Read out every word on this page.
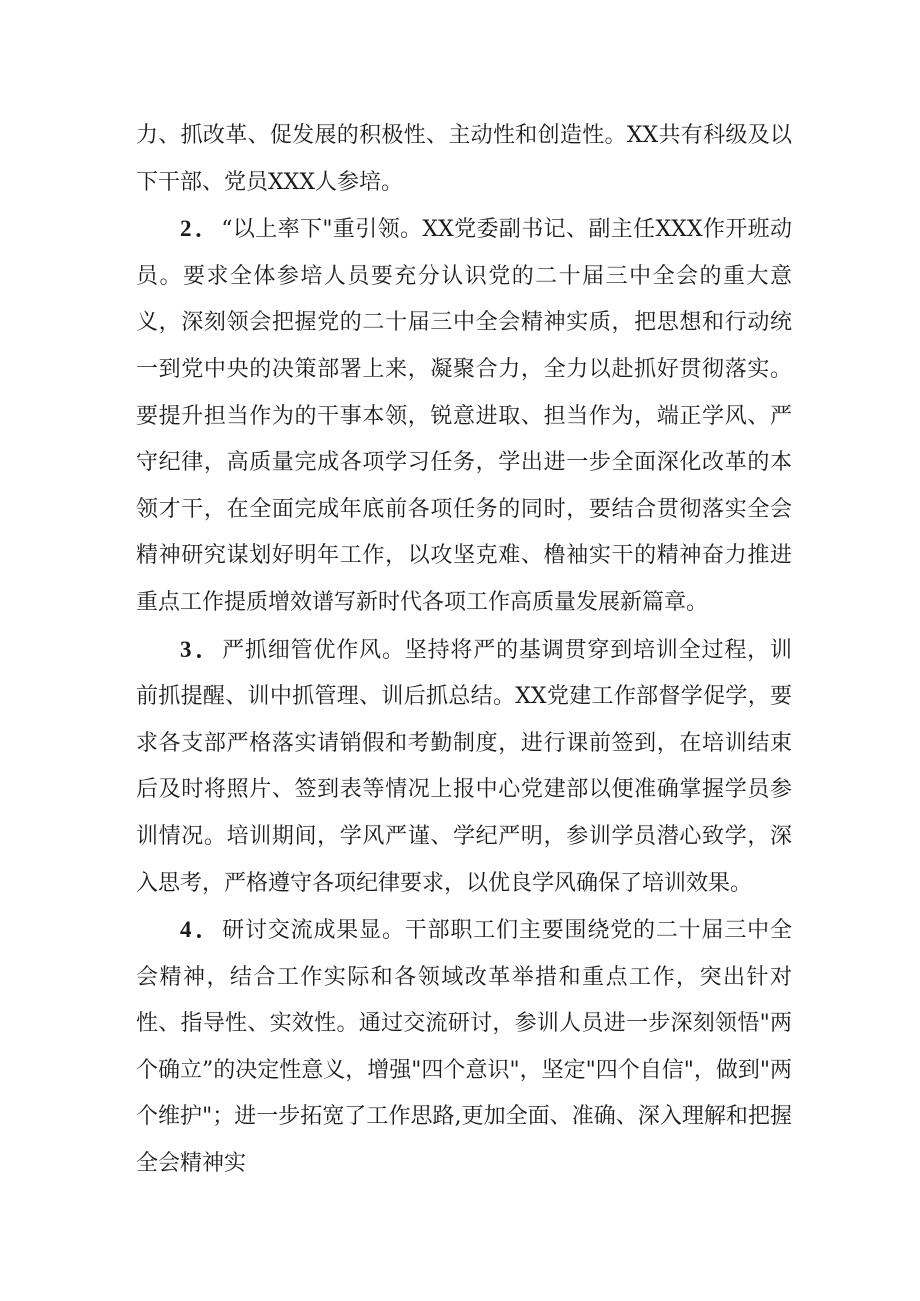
力、抓改革、促发展的积极性、主动性和创造性。XX共有科级及以下干部、党员XXX人参培。

2．“以上率下"重引领。XX党委副书记、副主任XXX作开班动员。要求全体参培人员要充分认识党的二十届三中全会的重大意义，深刻领会把握党的二十届三中全会精神实质，把思想和行动统一到党中央的决策部署上来，凝聚合力，全力以赴抓好贯彻落实。要提升担当作为的干事本领，锐意进取、担当作为，端正学风、严守纪律，高质量完成各项学习任务，学出进一步全面深化改革的本领才干，在全面完成年底前各项任务的同时，要结合贯彻落实全会精神研究谋划好明年工作，以攻坚克难、橹袖实干的精神奋力推进重点工作提质增效谱写新时代各项工作高质量发展新篇章。

3．严抓细管优作风。坚持将严的基调贯穿到培训全过程，训前抓提醒、训中抓管理、训后抓总结。XX党建工作部督学促学，要求各支部严格落实请销假和考勤制度，进行课前签到，在培训结束后及时将照片、签到表等情况上报中心党建部以便准确掌握学员参训情况。培训期间，学风严谨、学纪严明，参训学员潜心致学，深入思考，严格遵守各项纪律要求，以优良学风确保了培训效果。

4．研讨交流成果显。干部职工们主要围绕党的二十届三中全会精神，结合工作实际和各领域改革举措和重点工作，突出针对性、指导性、实效性。通过交流研讨，参训人员进一步深刻领悟"两个确立”的决定性意义，增强"四个意识"，坚定"四个自信"，做到"两个维护"；进一步拓宽了工作思路,更加全面、准确、深入理解和把握全会精神实
